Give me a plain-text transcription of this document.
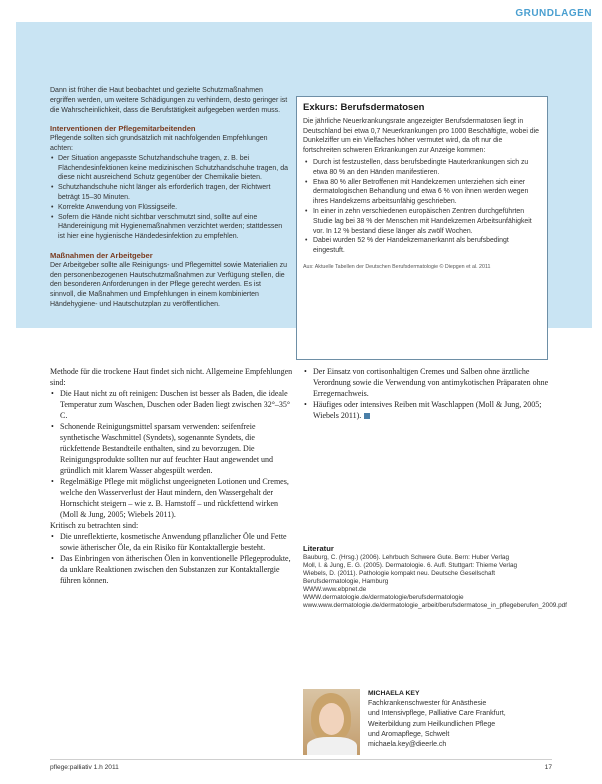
GRUNDLAGEN

Dann ist früher die Haut beobachtet und gezielte Schutzmaßnahmen ergriffen werden, um weitere Schädigungen zu verhindern, desto geringer ist die Wahrscheinlichkeit, dass die Berufstätigkeit aufgegeben werden muss.

Interventionen der Pflegemitarbeitenden

Pflegende sollten sich grundsätzlich mit nachfolgenden Empfehlungen achten:

• Der Situation angepasste Schutzhandschuhe tragen, z. B. bei Flächendesinfektionen keine medizinischen Schutzhandschuhe tragen, da diese nicht ausreichend Schutz gegenüber der Chemikalie bieten.
• Schutzhandschuhe nicht länger als erforderlich tragen, der Richtwert beträgt 15–30 Minuten.
• Korrekte Anwendung von Flüssigseife.
• Sofern die Hände nicht sichtbar verschmutzt sind, sollte auf eine Händereinigung mit Hygienemaßnahmen verzichtet werden; stattdessen ist hier eine hygienische Händedesinfektion zu empfehlen.
Maßnahmen der Arbeitgeber

Der Arbeitgeber sollte alle Reinigungs- und Pflegemittel sowie Materialien zu den personenbezogenen Hautschutzmaßnahmen zur Verfügung stellen, die den besonderen Anforderungen in der Pflege gerecht werden. Es ist sinnvoll, die Maßnahmen und Empfehlungen in einem kombinierten Händehygiene- und Hautschutzplan zu veröffentlichen.

Exkurs: Berufsdermatosen

Die jährliche Neuerkrankungsrate angezeigter Berufsdermatosen liegt in Deutschland bei etwa 0,7 Neuerkrankungen pro 1000 Beschäftigte, wobei die Dunkelziffer um ein Vielfaches höher vermutet wird, da oft nur die fortschreiten schweren Erkrankungen zur Anzeige kommen:

• Durch ist festzustellen, dass berufsbedingte Hauterkrankungen sich zu etwa 80 % an den Händen manifestieren.
• Etwa 80 % aller Betroffenen mit Handekzemen unterziehen sich einer dermatologischen Behandlung und etwa 6 % von ihnen werden wegen ihres Handekzems arbeitsunfähig geschrieben.
• In einer in zehn verschiedenen europäischen Zentren durchgeführten Studie lag bei 38 % der Menschen mit Handekzemen Arbeitsunfähigkeit vor. In 12 % bestand diese länger als zwölf Wochen.
• Dabei wurden 52 % der Handekzemanerkannt als berufsbedingt eingestuft.

Aus: Aktuelle Tabellen der Deutschen Berufsdermatologie © Diepgen et al. 2011

Methode für die trockene Haut findet sich nicht. Allgemeine Empfehlungen sind:

• Die Haut nicht zu oft reinigen: Duschen ist besser als Baden, die ideale Temperatur zum Waschen, Duschen oder Baden liegt zwischen 32°–35° C.
• Schonende Reinigungsmittel sparsam verwenden: seifenfreie synthetische Waschmittel (Syndets), sogenannte Syndets, die rückfettende Bestandteile enthalten, sind zu bevorzugen. Die Reinigungsprodukte sollten nur auf feuchter Haut angewendet und gründlich mit klarem Wasser abgespült werden.
• Regelmäßige Pflege mit möglichst ungeeigneten Lotionen und Cremes, welche den Wasserverlust der Haut mindern, den Wassergehalt der Hornschicht steigern – wie z. B. Harnstoff – und rückfettend wirken (Moll & Jung, 2005; Wiebels 2011).

Kritisch zu betrachten sind:

• Die unreflektierte, kosmetische Anwendung pflanzlicher Öle und Fette sowie ätherischer Öle, da ein Risiko für Kontaktallergie besteht.
• Das Einbringen von ätherischen Ölen in konventionelle Pflegeprodukte, da unklare Reaktionen zwischen den Substanzen zur Kontaktallergie führen können.
• Der Einsatz von cortisonhaltigen Cremes und Salben ohne ärztliche Verordnung sowie die Verwendung von antimykotischen Präparaten ohne Erregernachweis.
• Häufiges oder intensives Reiben mit Waschlappen (Moll & Jung, 2005; Wiebels 2011).
Literatur

Bauburg, C. (Hrsg.) (2006). Lehrbuch Schwere Gute. Bern: Huber Verlag

Moll, I. & Jung, E. G. (2005). Dermatologie. 6. Aufl. Stuttgart: Thieme Verlag

Wiebels, D. (2011). Pathologie kompakt neu. Deutsche Gesellschaft Berufsdermatologie, Hamburg

WWW.www.ebpnet.de

WWW.dermatologie.de/dermatologie/berufsdermatologie

www.www.dermatologie.de/dermatologie_arbeit/berufsdermatose_in_pflegeberufen_2009.pdf

MICHAELA KEY
Fachkrankenschwester für Anästhesie
und Intensivpflege, Palliative Care Frankfurt,
Weiterbildung zum Heilkundlichen Pflege
und Aromapflege, Schwelt
michaela.key@dieerle.ch
pflege:palliativ 1.h 2011	17
